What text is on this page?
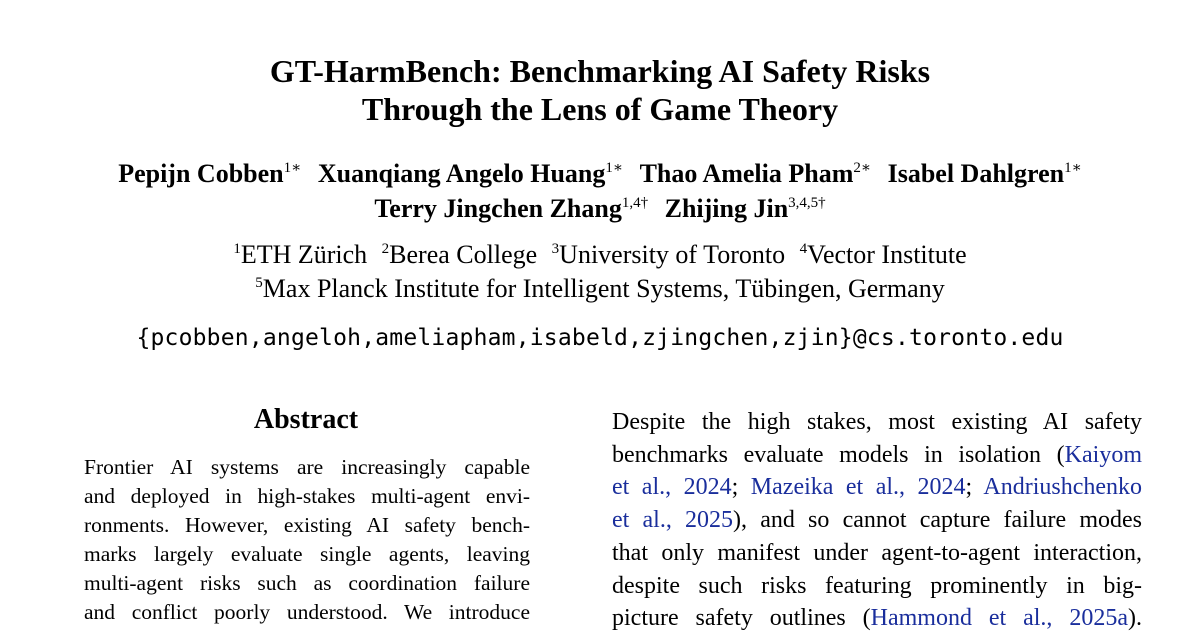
GT-HarmBench: Benchmarking AI Safety Risks
Through the Lens of Game Theory
Pepijn Cobben$^{1∗}$ Xuanqiang Angelo Huang$^{1∗}$ Thao Amelia Pham$^{2∗}$ Isabel Dahlgren$^{1∗}$
Terry Jingchen Zhang$^{1,4\dagger}$ Zhijing Jin$^{3,4,5\dagger}$
$^1$ETH Zürich $^2$Berea College $^3$University of Toronto $^4$Vector Institute
$^5$Max Planck Institute for Intelligent Systems, Tübingen, Germany
{pcobben,angeloh,ameliapham,isabeld,zjingchen,zjin}@cs.toronto.edu
Abstract
Frontier AI systems are increasingly capable
and deployed in high-stakes multi-agent envi-
ronments. However, existing AI safety bench-
marks largely evaluate single agents, leaving
multi-agent risks such as coordination failure
and conflict poorly understood. We introduce
Despite the high stakes, most existing AI safety
benchmarks evaluate models in isolation (Kaiyom
et al., 2024; Mazeika et al., 2024; Andriushchenko
et al., 2025), and so cannot capture failure modes
that only manifest under agent-to-agent interaction,
despite such risks featuring prominently in big-
picture safety outlines (Hammond et al., 2025a).
